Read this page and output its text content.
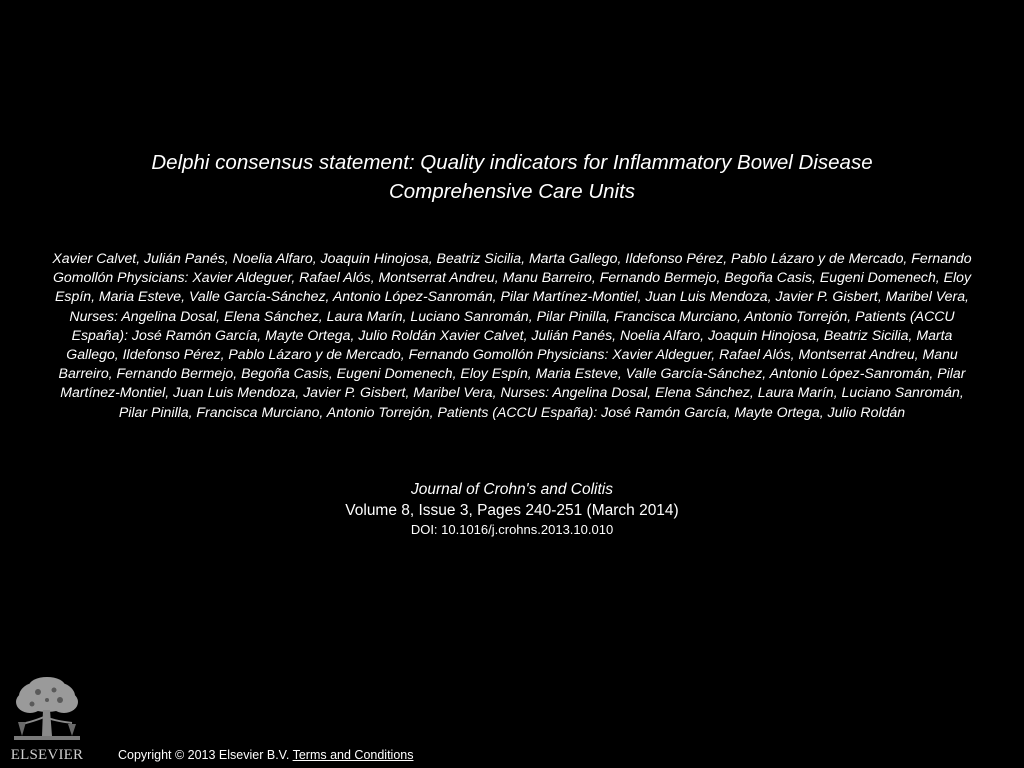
Delphi consensus statement: Quality indicators for Inflammatory Bowel Disease
Comprehensive Care Units
Xavier Calvet, Julián Panés, Noelia Alfaro, Joaquin Hinojosa, Beatriz Sicilia, Marta Gallego, Ildefonso Pérez, Pablo Lázaro y de Mercado, Fernando Gomollón Physicians: Xavier Aldeguer, Rafael Alós, Montserrat Andreu, Manu Barreiro, Fernando Bermejo, Begoña Casis, Eugeni Domenech, Eloy Espín, Maria Esteve, Valle García-Sánchez, Antonio López-Sanromán, Pilar Martínez-Montiel, Juan Luis Mendoza, Javier P. Gisbert, Maribel Vera, Nurses: Angelina Dosal, Elena Sánchez, Laura Marín, Luciano Sanromán, Pilar Pinilla, Francisca Murciano, Antonio Torrejón, Patients (ACCU España): José Ramón García, Mayte Ortega, Julio Roldán Xavier Calvet, Julián Panés, Noelia Alfaro, Joaquin Hinojosa, Beatriz Sicilia, Marta Gallego, Ildefonso Pérez, Pablo Lázaro y de Mercado, Fernando Gomollón Physicians: Xavier Aldeguer, Rafael Alós, Montserrat Andreu, Manu Barreiro, Fernando Bermejo, Begoña Casis, Eugeni Domenech, Eloy Espín, Maria Esteve, Valle García-Sánchez, Antonio López-Sanromán, Pilar Martínez-Montiel, Juan Luis Mendoza, Javier P. Gisbert, Maribel Vera, Nurses: Angelina Dosal, Elena Sánchez, Laura Marín, Luciano Sanromán, Pilar Pinilla, Francisca Murciano, Antonio Torrejón, Patients (ACCU España): José Ramón García, Mayte Ortega, Julio Roldán
Journal of Crohn's and Colitis
Volume 8, Issue 3, Pages 240-251 (March 2014)
DOI: 10.1016/j.crohns.2013.10.010
ELSEVIER	Copyright © 2013 Elsevier B.V. Terms and Conditions
